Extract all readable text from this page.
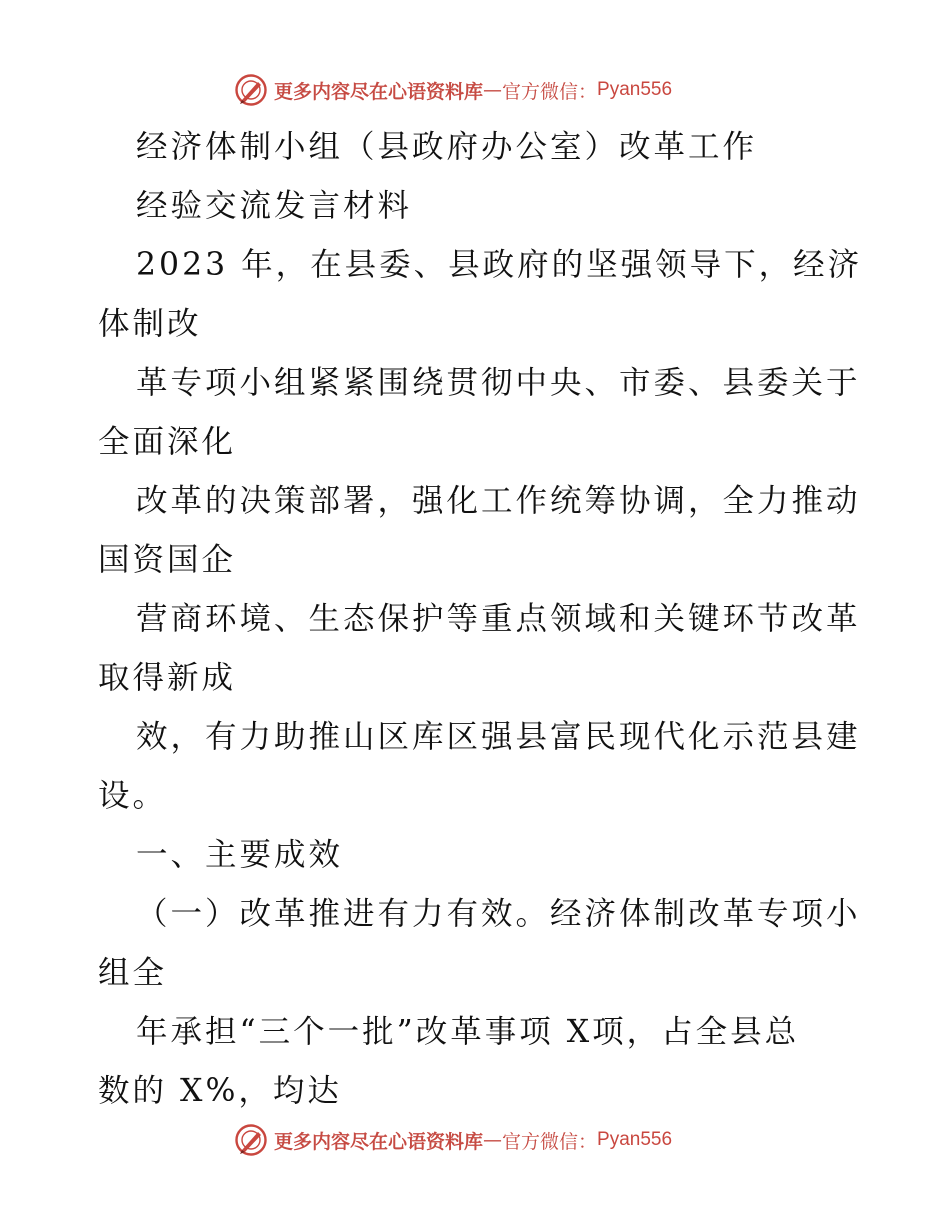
更多内容尽在心语资料库 — 官方微信： Pyan556

经济体制小组（县政府办公室）改革工作

经验交流发言材料

2023 年，在县委、县政府的坚强领导下，经济

体制改

革专项小组紧紧围绕贯彻中央、市委、县委关于

全面深化

改革的决策部署，强化工作统筹协调，全力推动

国资国企

营商环境、生态保护等重点领域和关键环节改革

取得新成

效，有力助推山区库区强县富民现代化示范县建

设。

一、主要成效

（一）改革推进有力有效。经济体制改革专项小

组全

年承担“三个一批”改革事项 X项，占全县总

数的 X%，均达

更多内容尽在心语资料库 — 官方微信： Pyan556
